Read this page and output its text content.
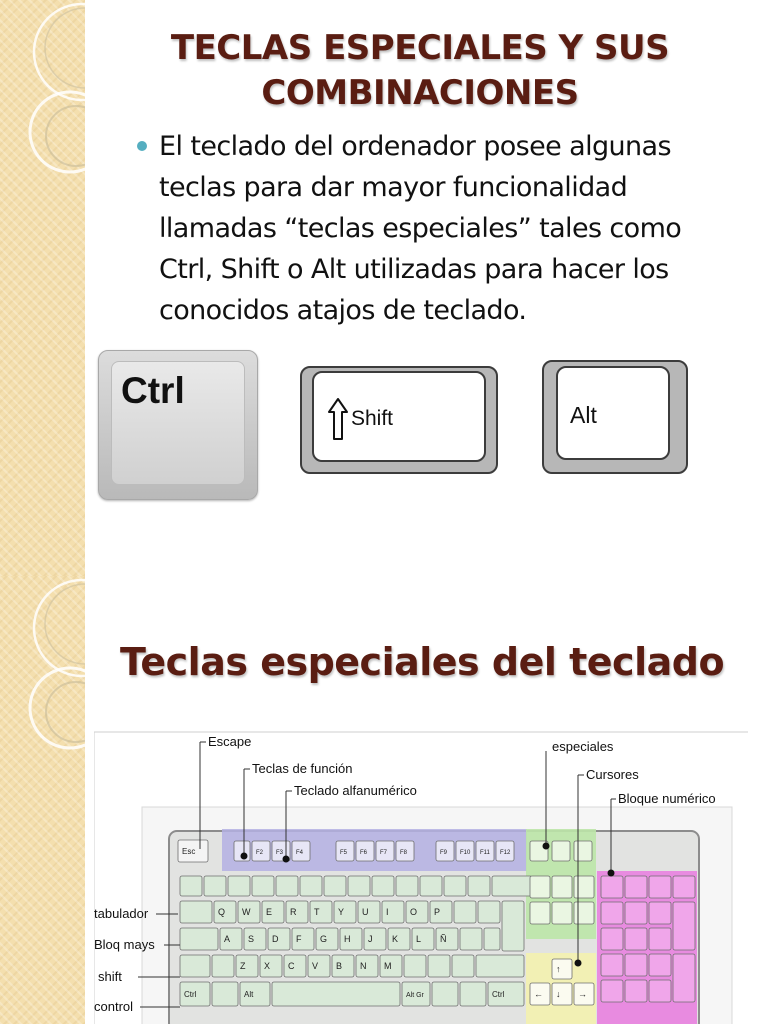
TECLAS ESPECIALES Y SUS COMBINACIONES
El teclado del ordenador posee algunas
teclas para dar mayor funcionalidad
llamadas “teclas especiales” tales como
Ctrl, Shift o Alt utilizadas para hacer los
conocidos atajos de teclado.
Ctrl
Shift	Alt
Teclas especiales del teclado
Esc	F2 F3 F4	F5 F6 F7 F8	F9 F10 F11 F12
Q W E R T Y U I O P
A S D F G H J K L Ñ
Z X C V B N M
Ctrl	Alt	Alt Gr	Ctrl
↑
← ↓ →
Escape
Teclas de función
Teclado alfanumérico
especiales
Cursores
Bloque numérico
tabulador
Bloq mays
shift
control
